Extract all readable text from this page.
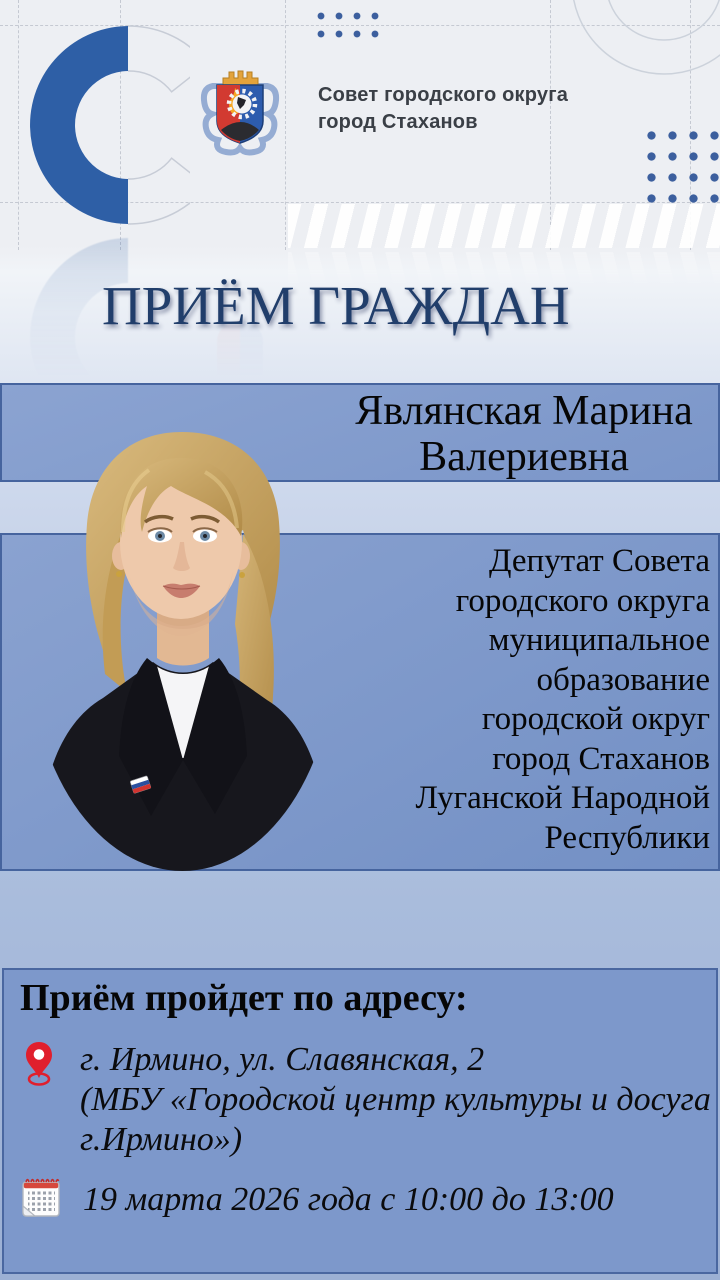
Совет городского округа
город Стаханов
ПРИЁМ ГРАЖДАН
Являнская Марина
Валериевна
Депутат Совета
городского округа
муниципальное
образование
городской округ
город Стаханов
Луганской Народной
Республики
Приём пройдет по адресу:
г. Ирмино, ул. Славянская, 2
(МБУ «Городской центр культуры и досуга
г.Ирмино»)
19 марта 2026 года с 10:00 до 13:00
